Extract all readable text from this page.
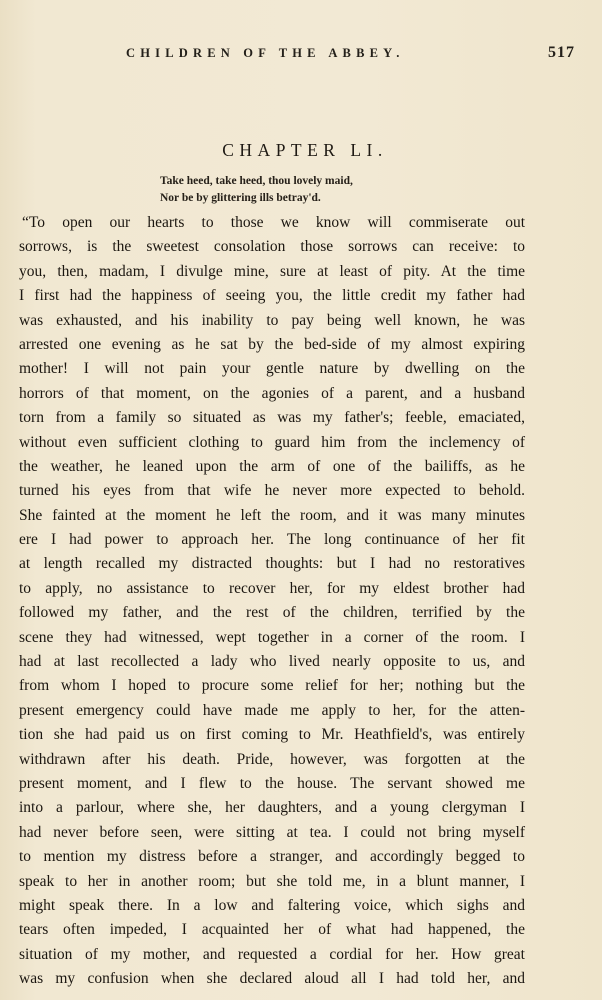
CHILDREN OF THE ABBEY.	517
CHAPTER LI.
Take heed, take heed, thou lovely maid,
Nor be by glittering ills betray'd.
“To open our hearts to those we know will commiserate out
sorrows, is the sweetest consolation those sorrows can receive: to
you, then, madam, I divulge mine, sure at least of pity. At the time
I first had the happiness of seeing you, the little credit my father had
was exhausted, and his inability to pay being well known, he was
arrested one evening as he sat by the bed-side of my almost expiring
mother! I will not pain your gentle nature by dwelling on the
horrors of that moment, on the agonies of a parent, and a husband
torn from a family so situated as was my father's; feeble, emaciated,
without even sufficient clothing to guard him from the inclemency of
the weather, he leaned upon the arm of one of the bailiffs, as he
turned his eyes from that wife he never more expected to behold.
She fainted at the moment he left the room, and it was many minutes
ere I had power to approach her. The long continuance of her fit
at length recalled my distracted thoughts: but I had no restoratives
to apply, no assistance to recover her, for my eldest brother had
followed my father, and the rest of the children, terrified by the
scene they had witnessed, wept together in a corner of the room. I
had at last recollected a lady who lived nearly opposite to us, and
from whom I hoped to procure some relief for her; nothing but the
present emergency could have made me apply to her, for the atten-
tion she had paid us on first coming to Mr. Heathfield's, was entirely
withdrawn after his death. Pride, however, was forgotten at the
present moment, and I flew to the house. The servant showed me
into a parlour, where she, her daughters, and a young clergyman I
had never before seen, were sitting at tea. I could not bring myself
to mention my distress before a stranger, and accordingly begged to
speak to her in another room; but she told me, in a blunt manner, I
might speak there. In a low and faltering voice, which sighs and
tears often impeded, I acquainted her of what had happened, the
situation of my mother, and requested a cordial for her. How great
was my confusion when she declared aloud all I had told her, and
